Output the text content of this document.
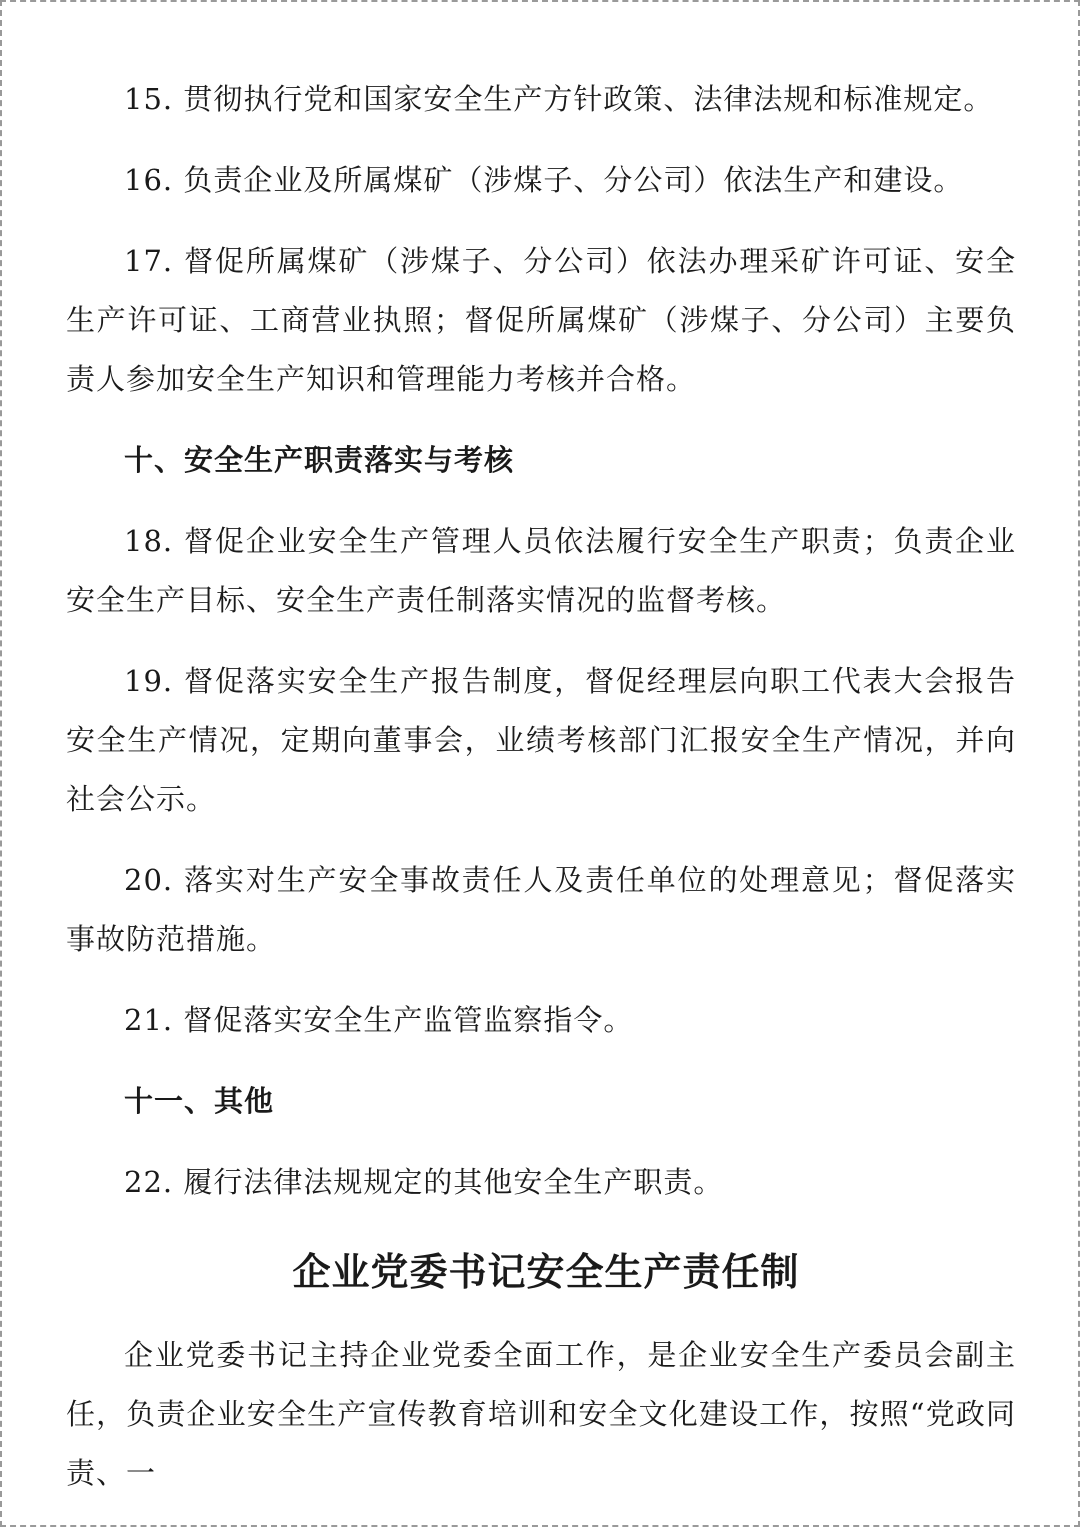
15. 贯彻执行党和国家安全生产方针政策、法律法规和标准规定。

16. 负责企业及所属煤矿（涉煤子、分公司）依法生产和建设。

17. 督促所属煤矿（涉煤子、分公司）依法办理采矿许可证、安全生产许可证、工商营业执照；督促所属煤矿（涉煤子、分公司）主要负责人参加安全生产知识和管理能力考核并合格。

十、安全生产职责落实与考核

18. 督促企业安全生产管理人员依法履行安全生产职责；负责企业安全生产目标、安全生产责任制落实情况的监督考核。

19. 督促落实安全生产报告制度，督促经理层向职工代表大会报告安全生产情况，定期向董事会，业绩考核部门汇报安全生产情况，并向社会公示。

20. 落实对生产安全事故责任人及责任单位的处理意见；督促落实事故防范措施。

21. 督促落实安全生产监管监察指令。

十一、其他

22. 履行法律法规规定的其他安全生产职责。

企业党委书记安全生产责任制

企业党委书记主持企业党委全面工作，是企业安全生产委员会副主任，负责企业安全生产宣传教育培训和安全文化建设工作，按照“党政同责、一
